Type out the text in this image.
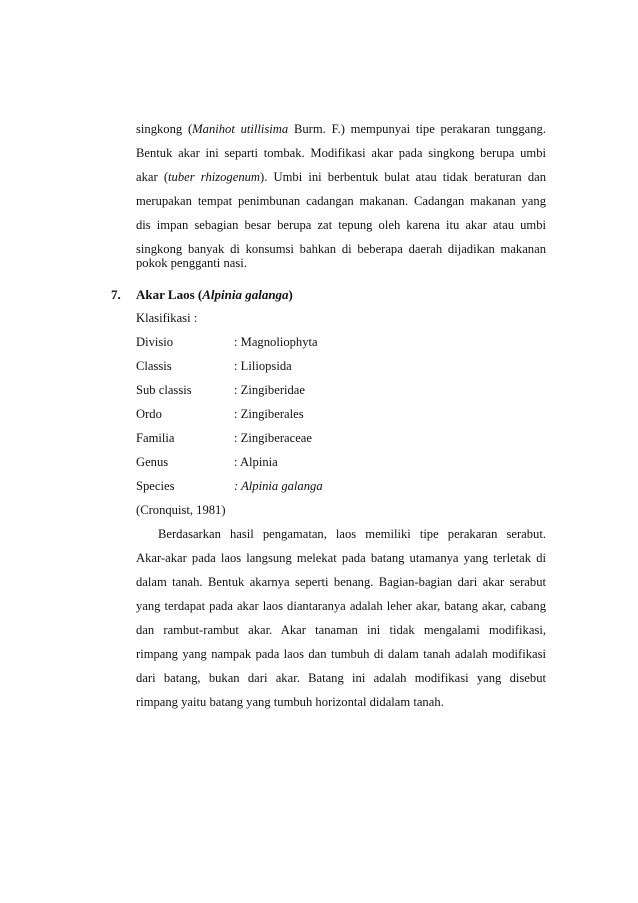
singkong (Manihot utillisima Burm. F.) mempunyai tipe perakaran tunggang.
Bentuk akar ini separti tombak. Modifikasi akar pada singkong berupa umbi
akar (tuber rhizogenum). Umbi ini berbentuk bulat atau tidak beraturan dan
merupakan tempat penimbunan cadangan makanan. Cadangan makanan yang
dis impan sebagian besar berupa zat tepung oleh karena itu akar atau umbi
singkong banyak di konsumsi bahkan di beberapa daerah dijadikan makanan
pokok pengganti nasi.
7. Akar Laos (Alpinia galanga)
Klasifikasi :
Divisio	: Magnoliophyta
Classis	: Liliopsida
Sub classis	: Zingiberidae
Ordo	: Zingiberales
Familia	: Zingiberaceae
Genus	: Alpinia
Species	: Alpinia galanga
(Cronquist, 1981)
Berdasarkan hasil pengamatan, laos memiliki tipe perakaran serabut.
Akar-akar pada laos langsung melekat pada batang utamanya yang terletak di
dalam tanah. Bentuk akarnya seperti benang. Bagian-bagian dari akar serabut
yang terdapat pada akar laos diantaranya adalah leher akar, batang akar, cabang
dan rambut-rambut akar. Akar tanaman ini tidak mengalami modifikasi,
rimpang yang nampak pada laos dan tumbuh di dalam tanah adalah modifikasi
dari batang, bukan dari akar. Batang ini adalah modifikasi yang disebut
rimpang yaitu batang yang tumbuh horizontal didalam tanah.
